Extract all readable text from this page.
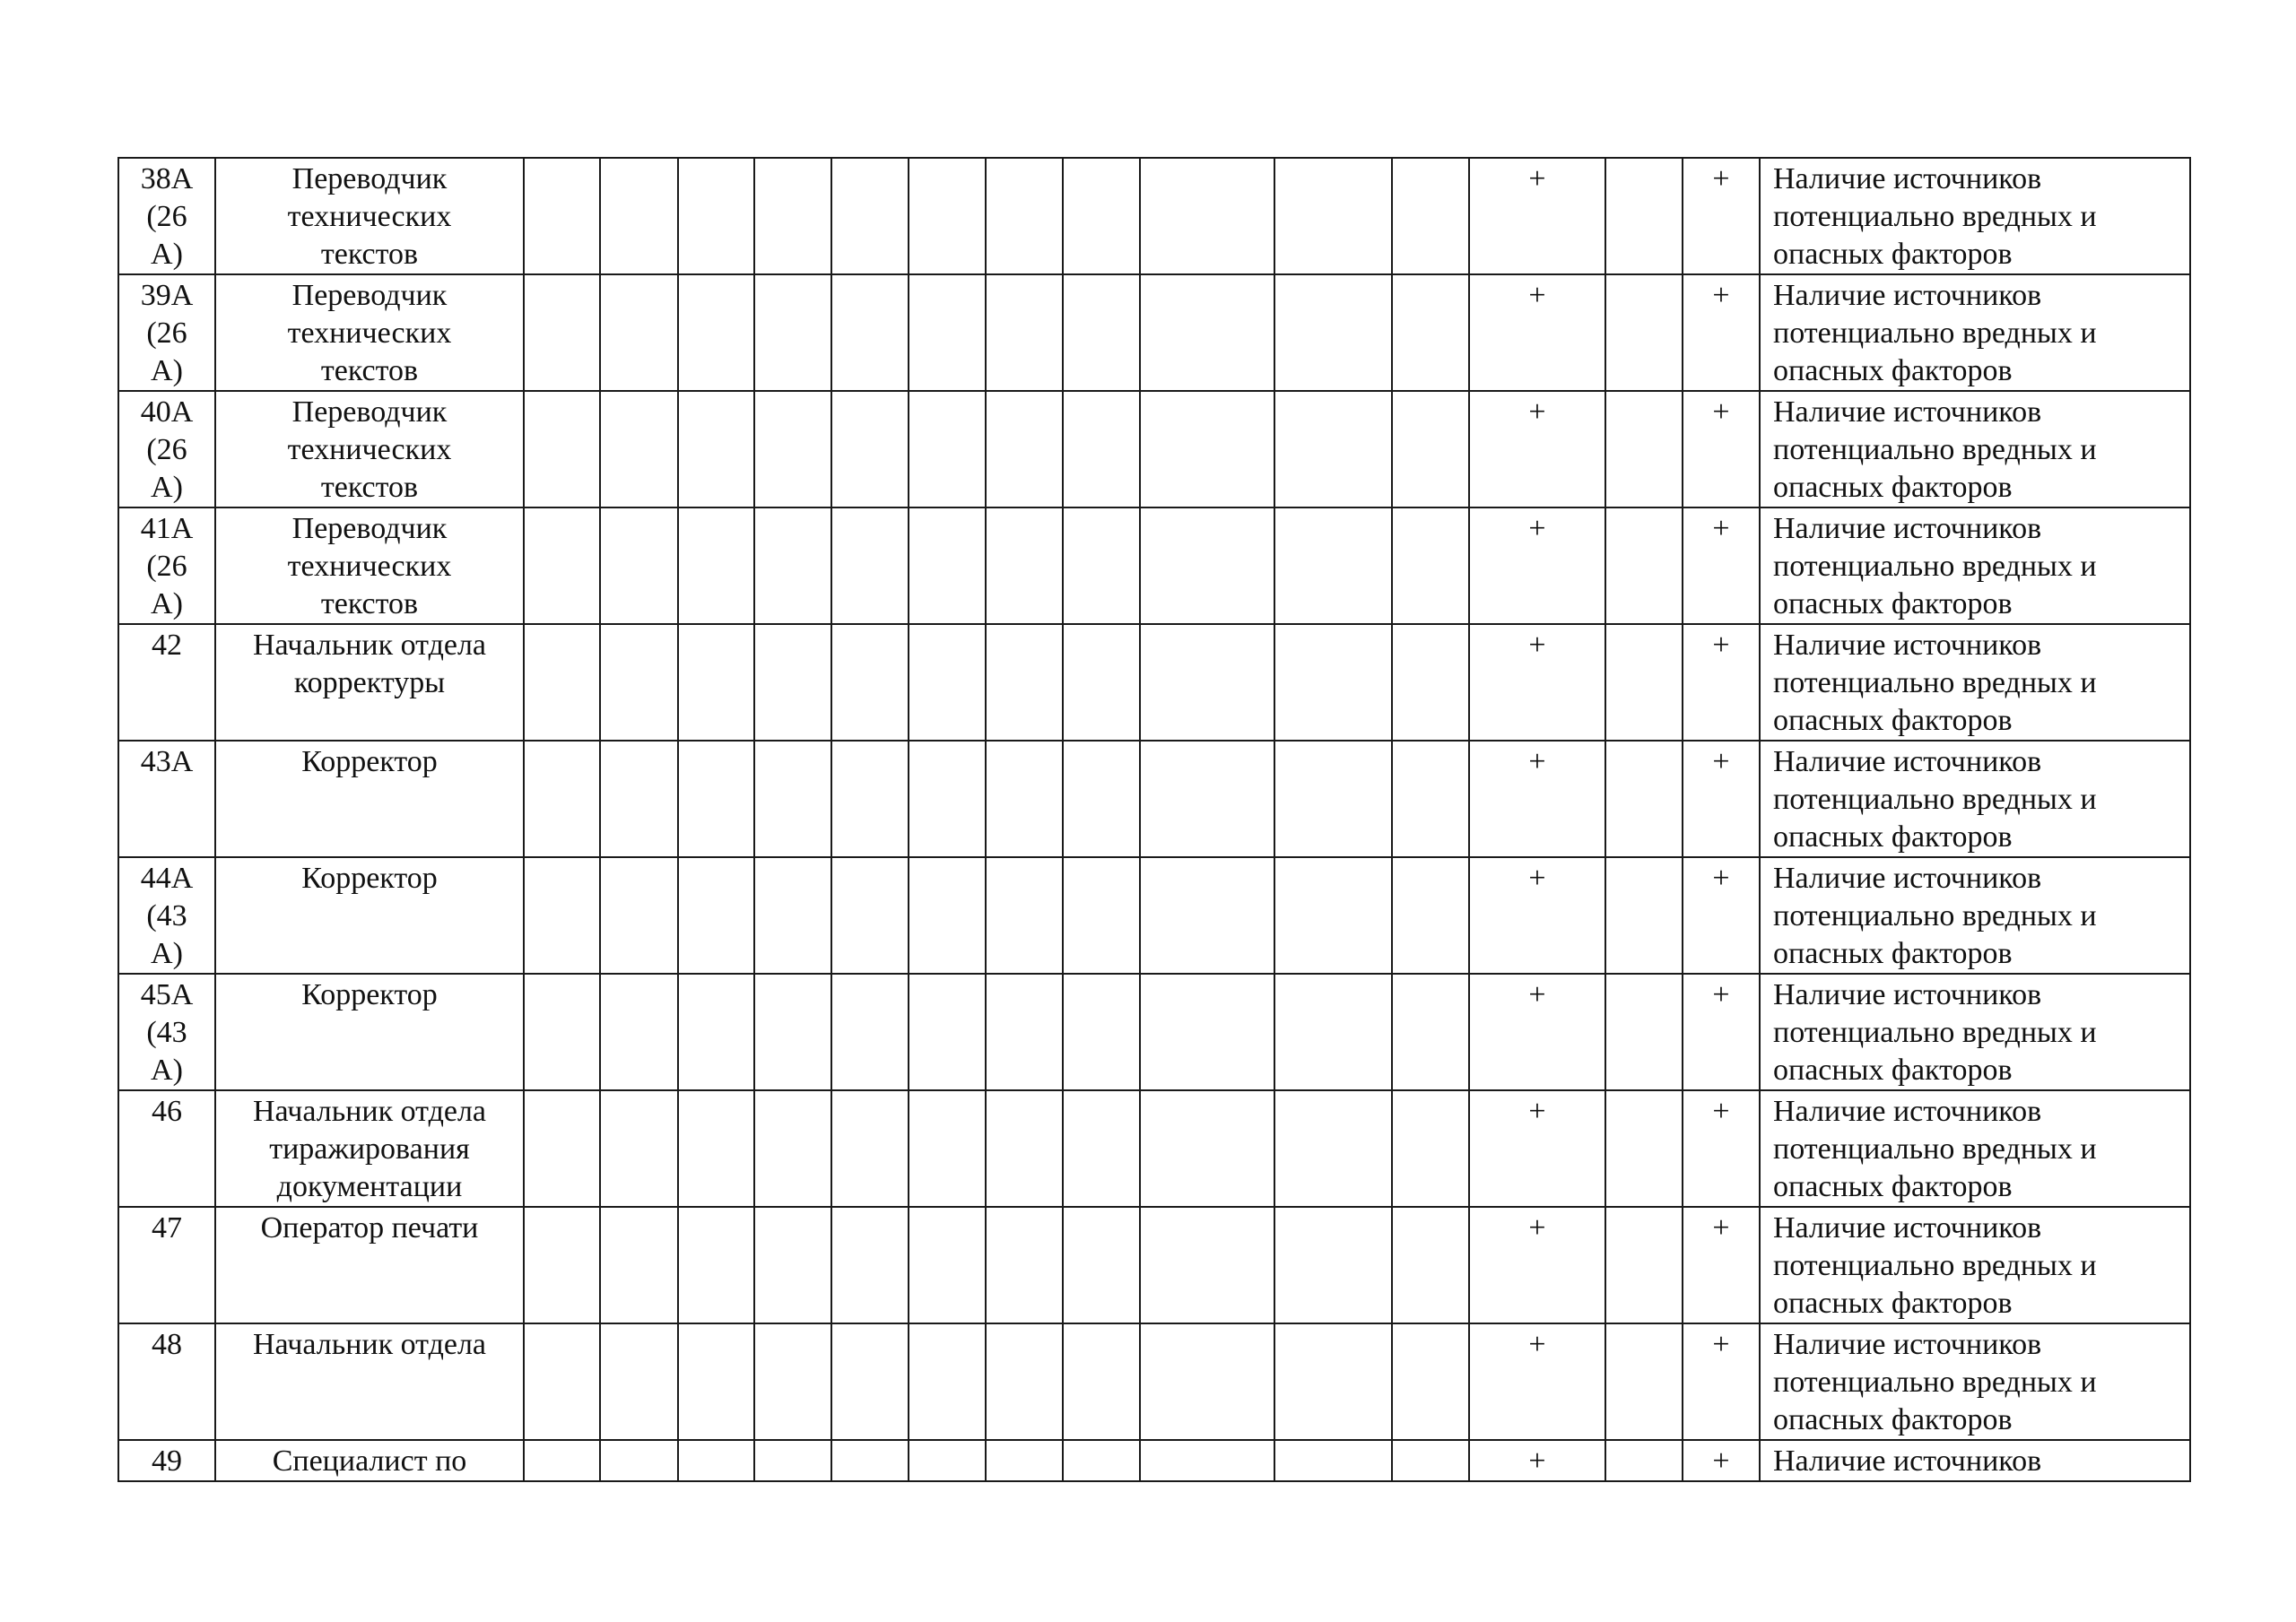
38А
(26
А)	Переводчик
технических
текстов												+		+	Наличие источников
потенциально вредных и
опасных факторов
39А
(26
А)	Переводчик
технических
текстов												+		+	Наличие источников
потенциально вредных и
опасных факторов
40А
(26
А)	Переводчик
технических
текстов												+		+	Наличие источников
потенциально вредных и
опасных факторов
41А
(26
А)	Переводчик
технических
текстов												+		+	Наличие источников
потенциально вредных и
опасных факторов
42	Начальник отдела
корректуры												+		+	Наличие источников
потенциально вредных и
опасных факторов
43А	Корректор												+		+	Наличие источников
потенциально вредных и
опасных факторов
44А
(43
А)	Корректор												+		+	Наличие источников
потенциально вредных и
опасных факторов
45А
(43
А)	Корректор												+		+	Наличие источников
потенциально вредных и
опасных факторов
46	Начальник отдела
тиражирования
документации												+		+	Наличие источников
потенциально вредных и
опасных факторов
47	Оператор печати												+		+	Наличие источников
потенциально вредных и
опасных факторов
48	Начальник отдела												+		+	Наличие источников
потенциально вредных и
опасных факторов
49	Специалист по												+		+	Наличие источников
